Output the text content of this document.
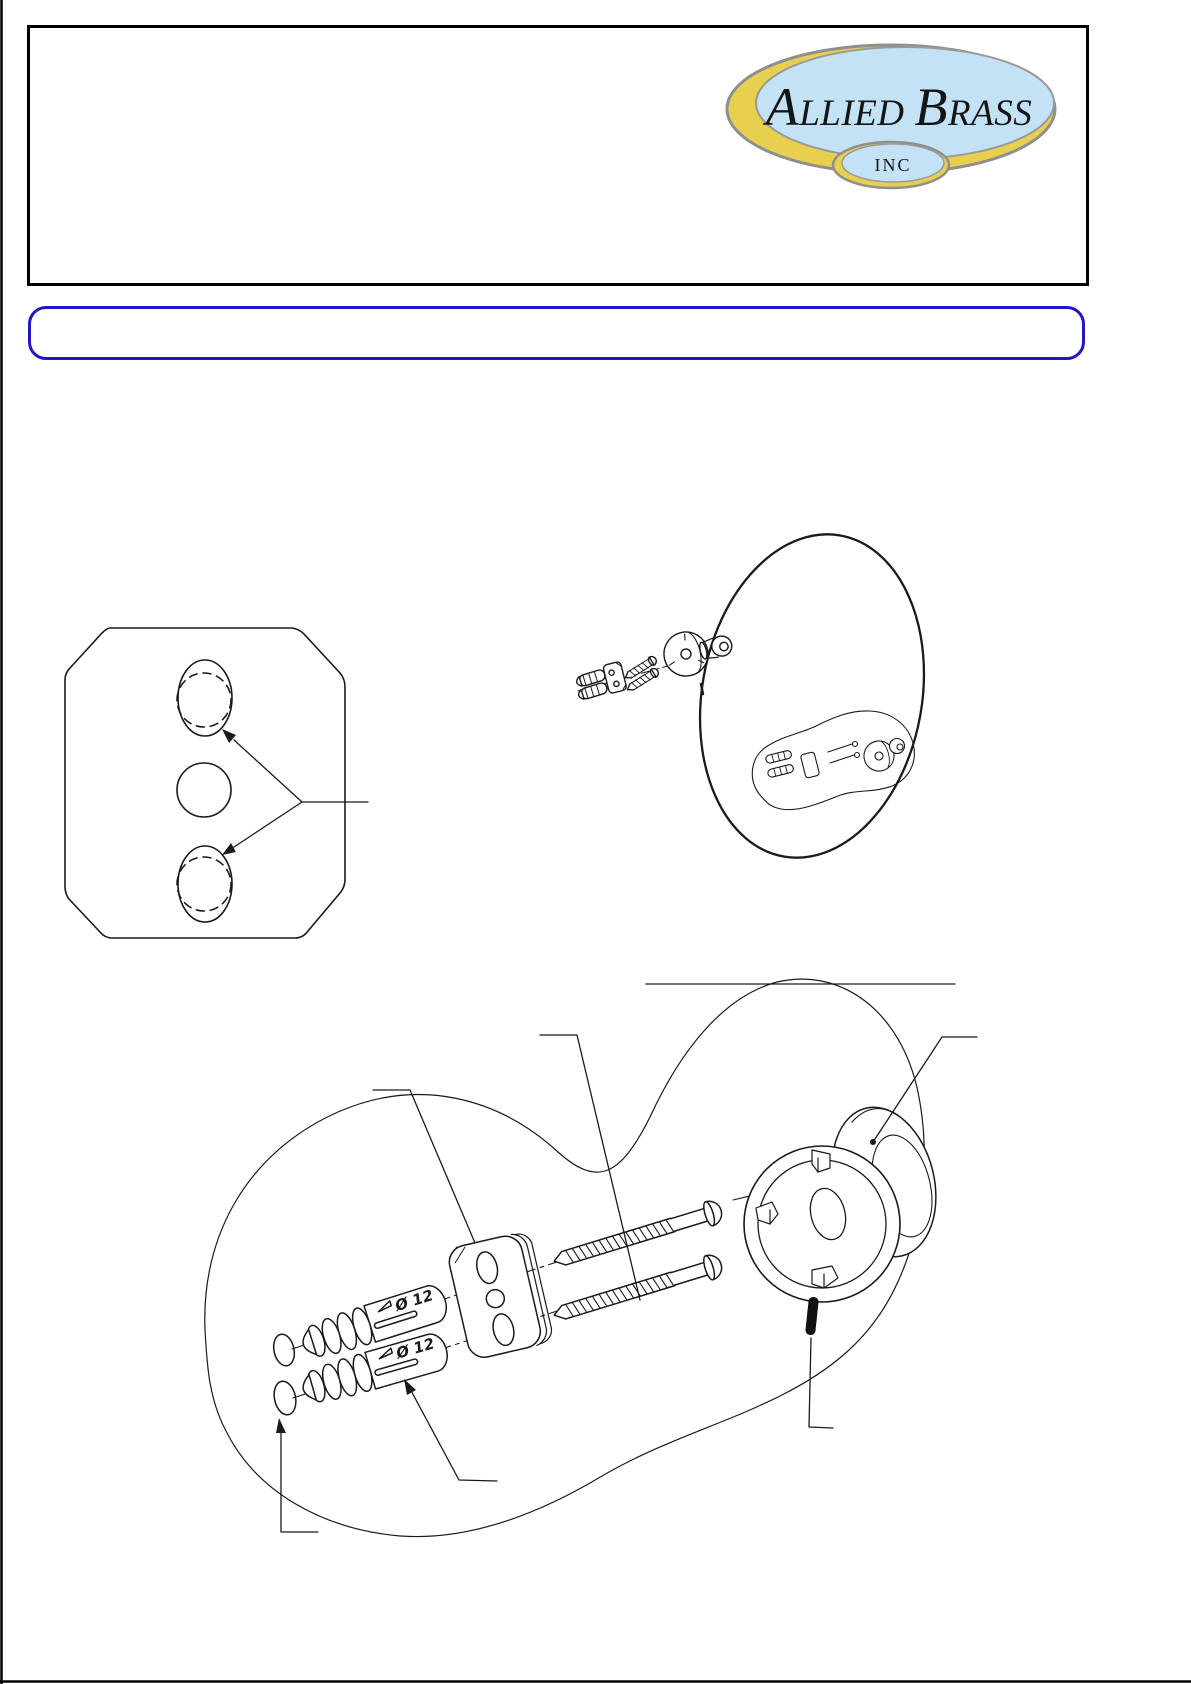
ALLIED BRASS
INC
